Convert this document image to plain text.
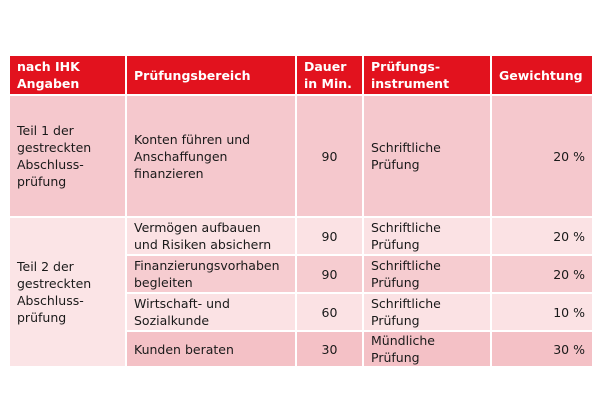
nach IHK Angaben	Prüfungsbereich	Dauer in Min.	Prüfungs-instrument	Gewichtung
Teil 1 der gestreckten Abschluss-prüfung	Konten führen und Anschaffungen finanzieren	90	Schriftliche Prüfung	20 %
Teil 2 der gestreckten Abschluss-prüfung	Vermögen aufbauen und Risiken absichern	90	Schriftliche Prüfung	20 %
	Finanzierungsvorhaben begleiten	90	Schriftliche Prüfung	20 %
	Wirtschaft- und Sozialkunde	60	Schriftliche Prüfung	10 %
	Kunden beraten	30	Mündliche Prüfung	30 %
